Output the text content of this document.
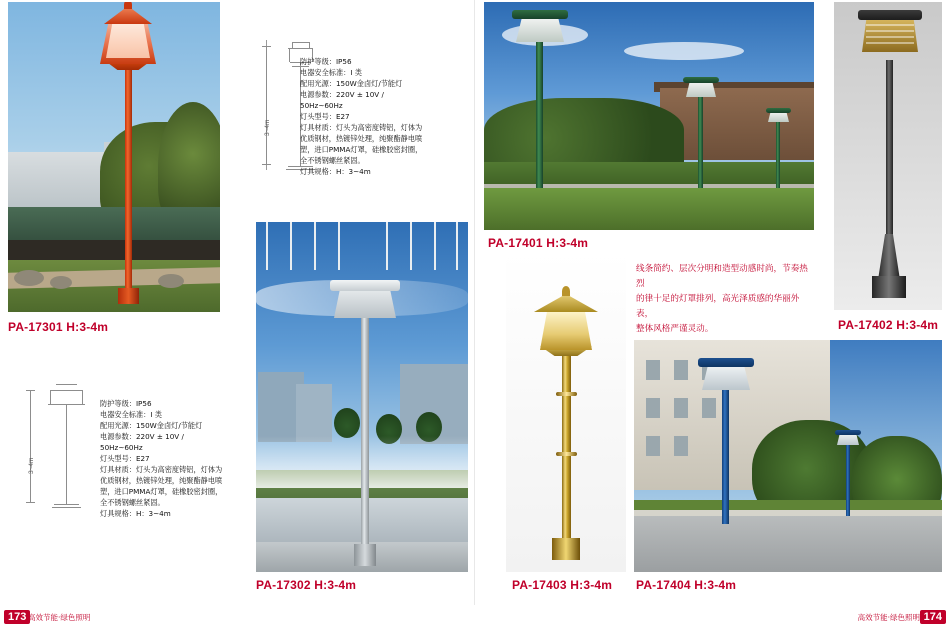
PA-17301 H:3-4m
3~4m
防护等级：IP56
电器安全标准：I 类
配用光源：150W金卤灯/节能灯
电源参数：220V ± 10V / 50Hz~60Hz
灯头型号：E27
灯具材质：灯头为高密度铸铝，灯体为优质钢材，热镀锌处理，纯聚酯静电喷塑，进口PMMA灯罩，硅橡胶密封圈，全不锈钢螺丝紧固。
灯具规格：H：3~4m
3~4m
防护等级：IP56
电器安全标准：I 类
配用光源：150W金卤灯/节能灯
电源参数：220V ± 10V / 50Hz~60Hz
灯头型号：E27
灯具材质：灯头为高密度铸铝，灯体为优质钢材，热镀锌处理，纯聚酯静电喷塑，进口PMMA灯罩，硅橡胶密封圈，全不锈钢螺丝紧固。
灯具规格：H：3~4m
PA-17302 H:3-4m
PA-17401 H:3-4m
PA-17402 H:3-4m
线条简约、层次分明和造型动感时尚，节奏热烈
的律十足的灯罩排列，高光泽质感的华丽外表，
整体风格严谨灵动。
PA-17403 H:3-4m PA-17404 H:3-4m
173 高效节能·绿色照明	174
高效节能·绿色照明
